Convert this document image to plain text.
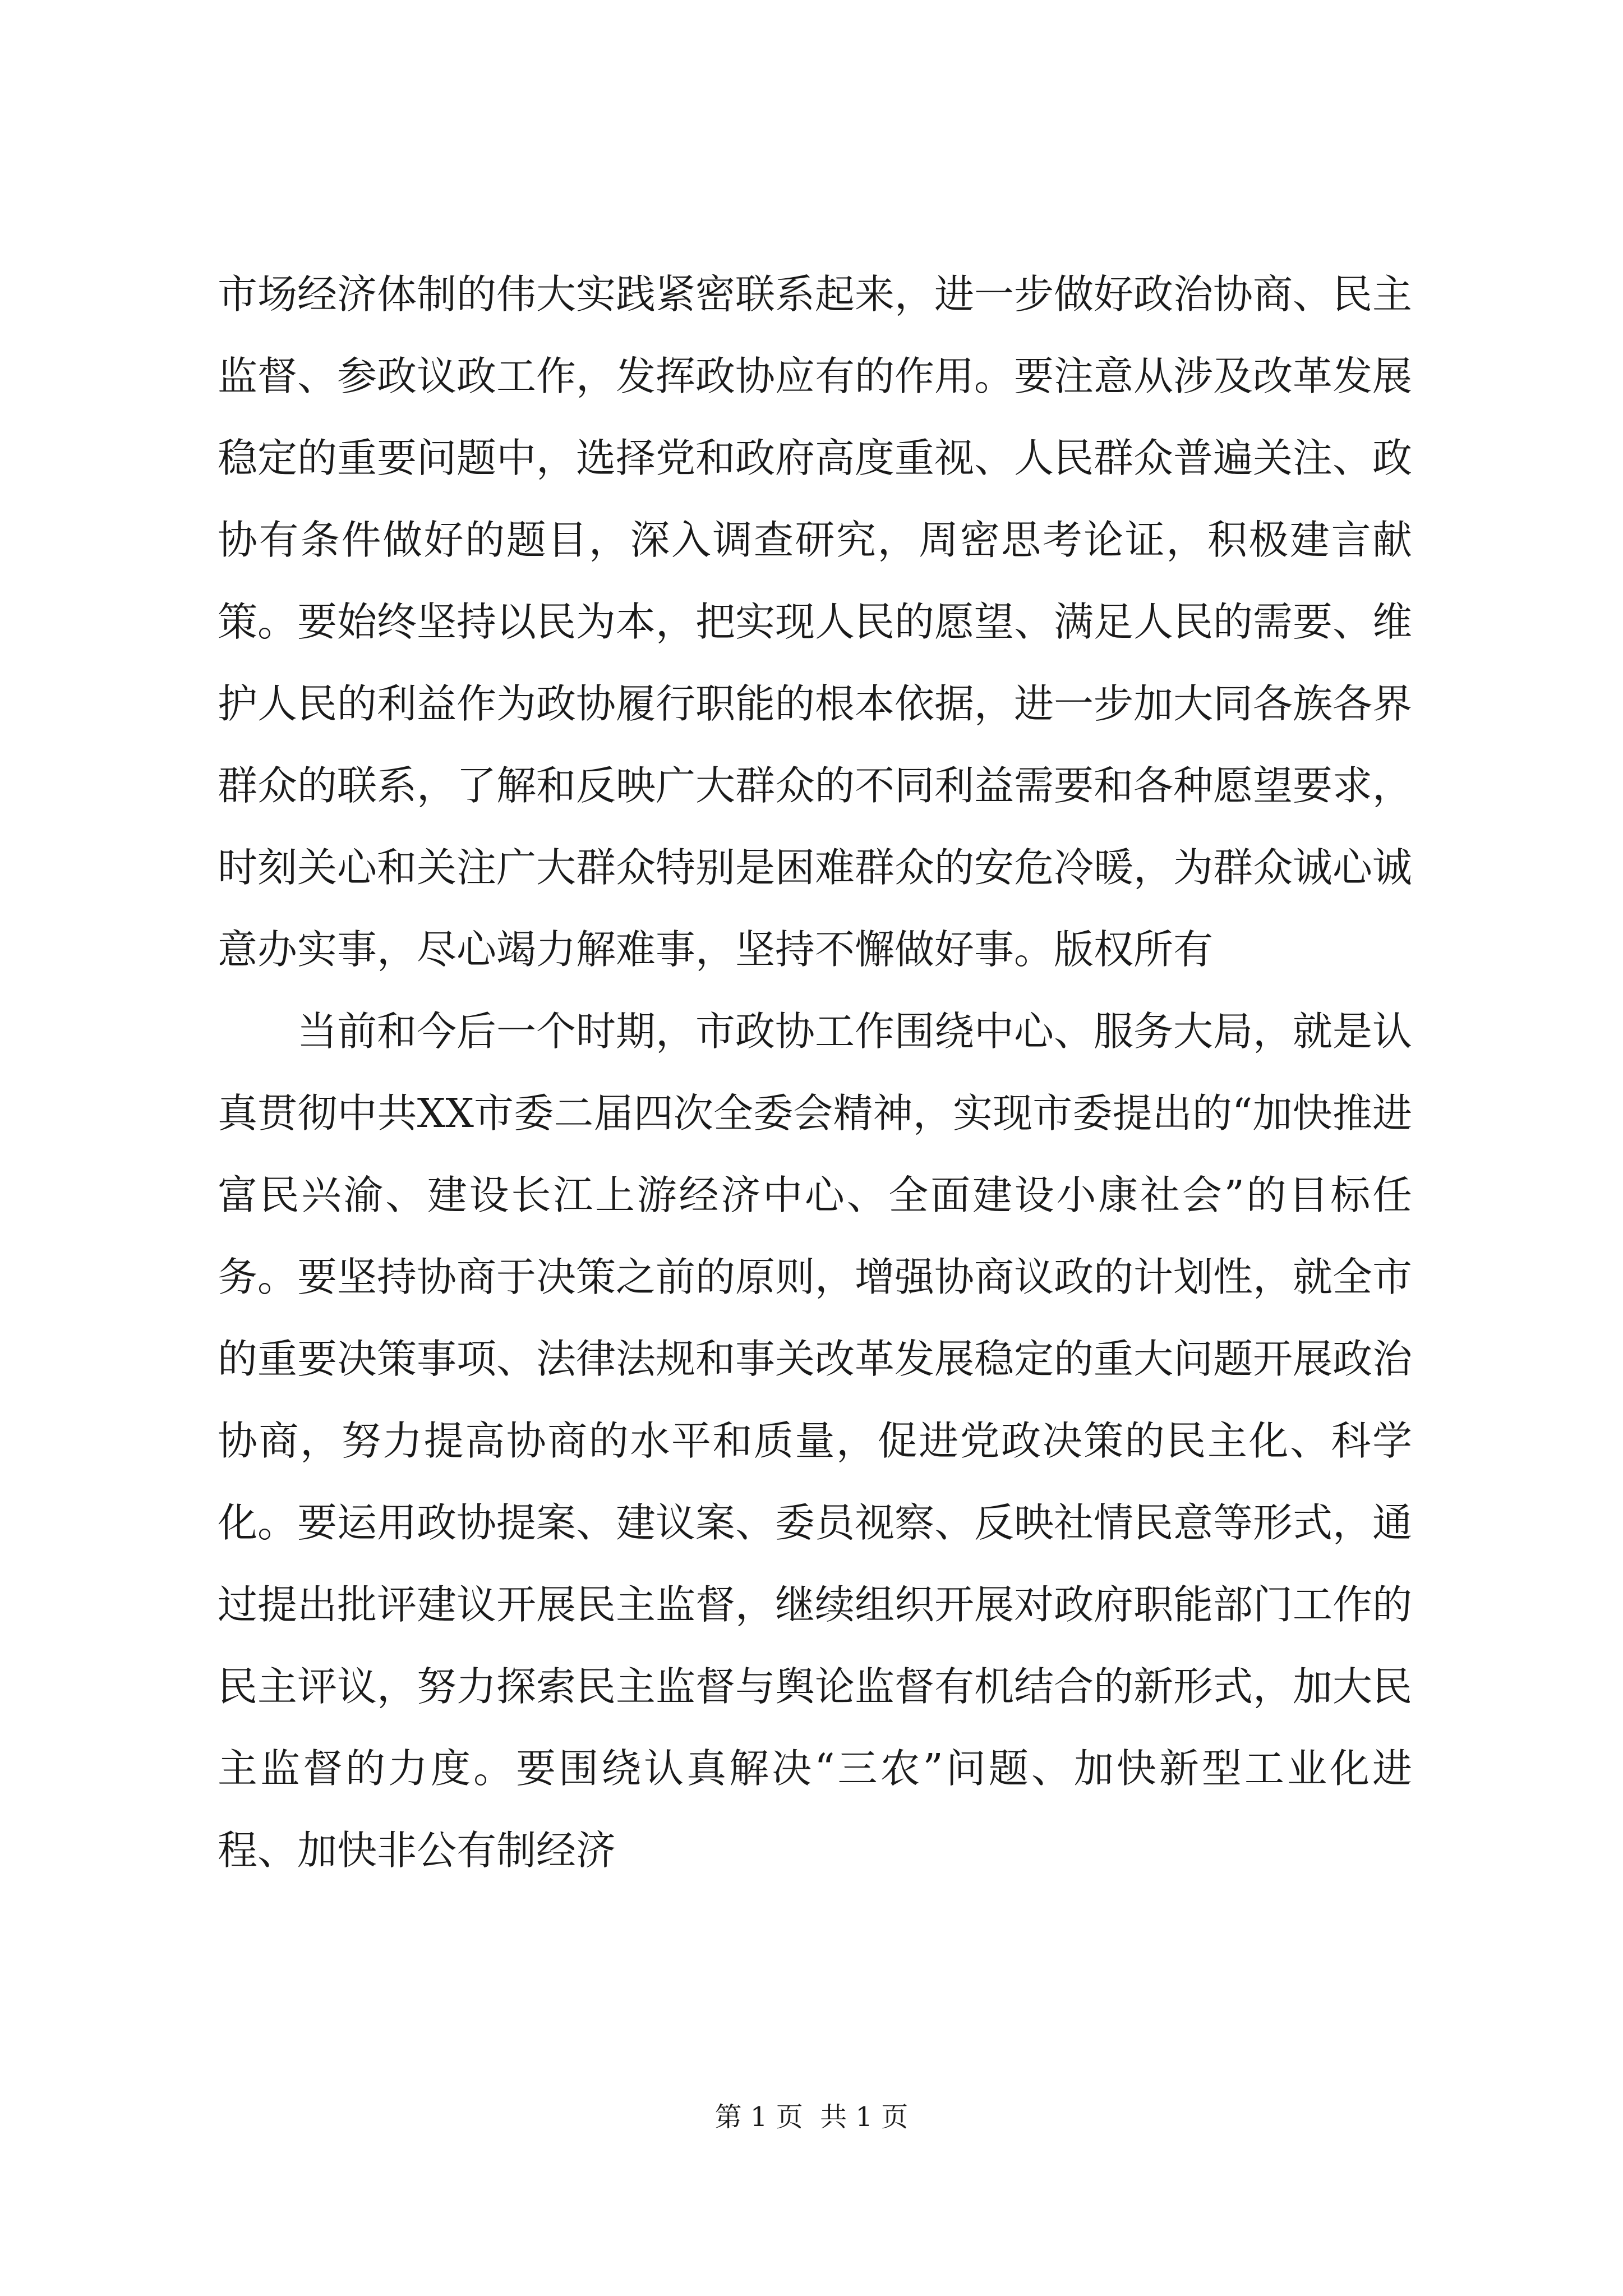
市场经济体制的伟大实践紧密联系起来，进一步做好政治协商、民主监督、参政议政工作，发挥政协应有的作用。要注意从涉及改革发展稳定的重要问题中，选择党和政府高度重视、人民群众普遍关注、政协有条件做好的题目，深入调查研究，周密思考论证，积极建言献策。要始终坚持以民为本，把实现人民的愿望、满足人民的需要、维护人民的利益作为政协履行职能的根本依据，进一步加大同各族各界群众的联系，了解和反映广大群众的不同利益需要和各种愿望要求，时刻关心和关注广大群众特别是困难群众的安危冷暖，为群众诚心诚意办实事，尽心竭力解难事，坚持不懈做好事。版权所有

当前和今后一个时期，市政协工作围绕中心、服务大局，就是认真贯彻中共XX市委二届四次全委会精神，实现市委提出的“加快推进富民兴渝、建设长江上游经济中心、全面建设小康社会”的目标任务。要坚持协商于决策之前的原则，增强协商议政的计划性，就全市的重要决策事项、法律法规和事关改革发展稳定的重大问题开展政治协商，努力提高协商的水平和质量，促进党政决策的民主化、科学化。要运用政协提案、建议案、委员视察、反映社情民意等形式，通过提出批评建议开展民主监督，继续组织开展对政府职能部门工作的民主评议，努力探索民主监督与舆论监督有机结合的新形式，加大民主监督的力度。要围绕认真解决“三农”问题、加快新型工业化进程、加快非公有制经济

第 1 页  共 1 页
